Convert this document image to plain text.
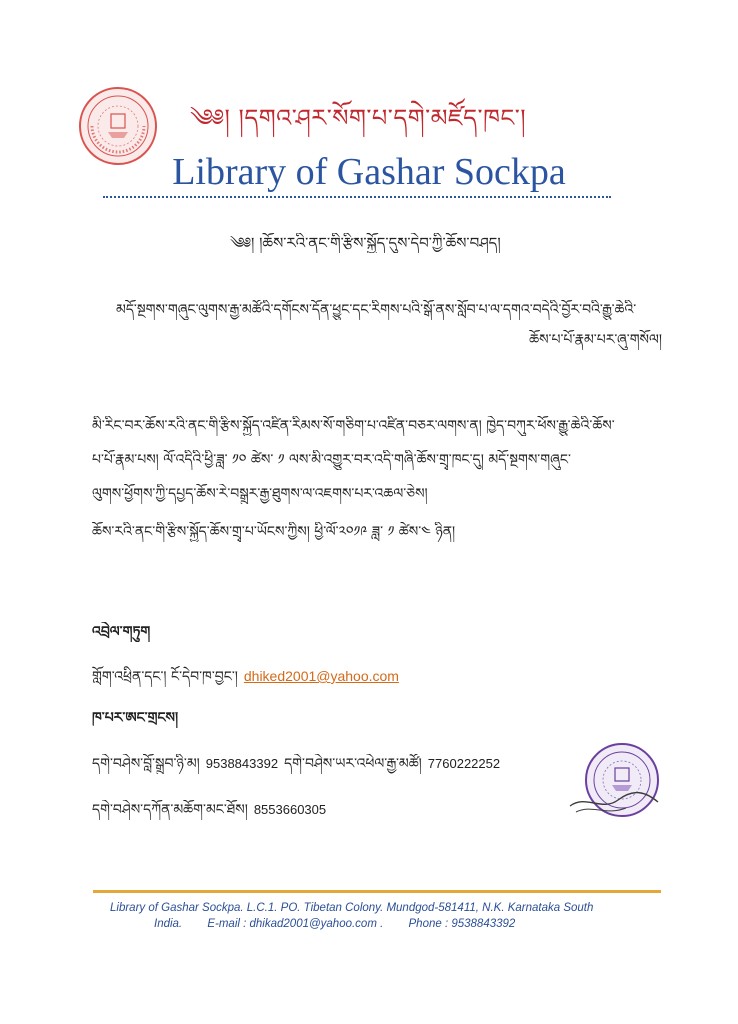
༄༅། །དགའ་ཤར་སོག་པ་དགེ་མཛོད་ཁང་།
Library of Gashar Sockpa
༄༅། །ཆོས་རའི་ནང་གི་རྩིས་སྐྱོད་དུས་དེབ་ཀྱི་ཆོས་བཤད།
མདོ་སྔགས་གཞུང་ལུགས་རྒྱ་མཚོའི་དགོངས་དོན་ཕྱུང་དང་རིགས་པའི་སྒོ་ནས་སློབ་པ་ལ་དགའ་བདེའི་བྱོར་བའི་རྒྱུ་ཆེའི་
ཆོས་པ་པོ་རྣམ་པར་ཞུ་གསོལ།
མི་རིང་བར་ཆོས་རའི་ནང་གི་རྩིས་སྐྱོད་འཛིན་རིམས་སོ་གཅིག་པ་འཛིན་བཅར་ལགས་ན། ཁྱེད་བཀུར་ཕོས་རྒྱུ་ཆེའི་ཆོས་
པ་པོ་རྣམ་པས། ལོ་འདིའི་ཕྱི་ཟླ་ ༡༠ ཚེས་ ༡ ལས་མི་འགྱུར་བར་འདི་གཞི་ཆོས་གྲྭ་ཁང་དུ། མདོ་སྔགས་གཞུང་
ལུགས་ཕྱོགས་ཀྱི་དཔྱད་ཆོས་རེ་བསྒྲུར་རྒྱ་ཐུགས་ལ་འཇགས་པར་འཆལ་ཅེས།
ཆོས་རའི་ནང་གི་རྩིས་སྐྱོད་ཆོས་གྲྭ་པ་ཡོངས་ཀྱིས། ཕྱི་ལོ་༢༠༡༩ ཟླ་ ༡ ཚེས་༤ ཉིན།
འབྲེལ་གཏུག
གློག་འཕྲིན་དང་། ངོ་དེབ་ཁ་བྱང་། dhiked2001@yahoo.com
ཁ་པར་ཨང་གྲངས།
དགེ་བཤེས་བློ་སྒྲུབ་ཉི་མ། 9538843392 དགེ་བཤེས་ཡར་འཕེལ་རྒྱ་མཚོ། 7760222252
དགེ་བཤེས་དཀོན་མཆོག་མང་ཐོས། 8553660305
Library of Gashar Sockpa. L.C.1. PO. Tibetan Colony. Mundgod-581411, N.K. Karnataka South
India. E-mail : dhikad2001@yahoo.com . Phone : 9538843392
